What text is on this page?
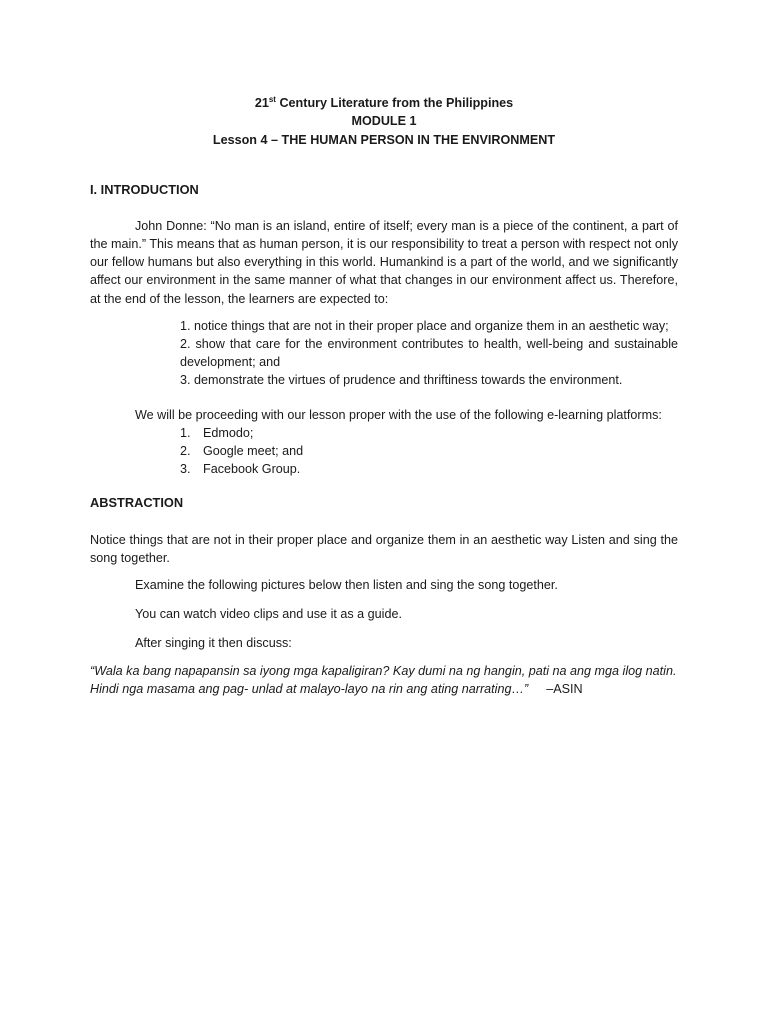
21st Century Literature from the Philippines
MODULE 1
Lesson 4 – THE HUMAN PERSON IN THE ENVIRONMENT
I. INTRODUCTION
John Donne: “No man is an island, entire of itself; every man is a piece of the continent, a part of the main.” This means that as human person, it is our responsibility to treat a person with respect not only our fellow humans but also everything in this world. Humankind is a part of the world, and we significantly affect our environment in the same manner of what that changes in our environment affect us. Therefore, at the end of the lesson, the learners are expected to:
1. notice things that are not in their proper place and organize them in an aesthetic way;
2. show that care for the environment contributes to health, well-being and sustainable development; and
3. demonstrate the virtues of prudence and thriftiness towards the environment.
We will be proceeding with our lesson proper with the use of the following e-learning platforms:
1. Edmodo;
2. Google meet; and
3. Facebook Group.
ABSTRACTION
Notice things that are not in their proper place and organize them in an aesthetic way Listen and sing the song together.
Examine the following pictures below then listen and sing the song together.
You can watch video clips and use it as a guide.
After singing it then discuss:
“Wala ka bang napapansin sa iyong mga kapaligiran? Kay dumi na ng hangin, pati na ang mga ilog natin.
Hindi nga masama ang pag- unlad at malayo-layo na rin ang ating narrating…” –ASIN
